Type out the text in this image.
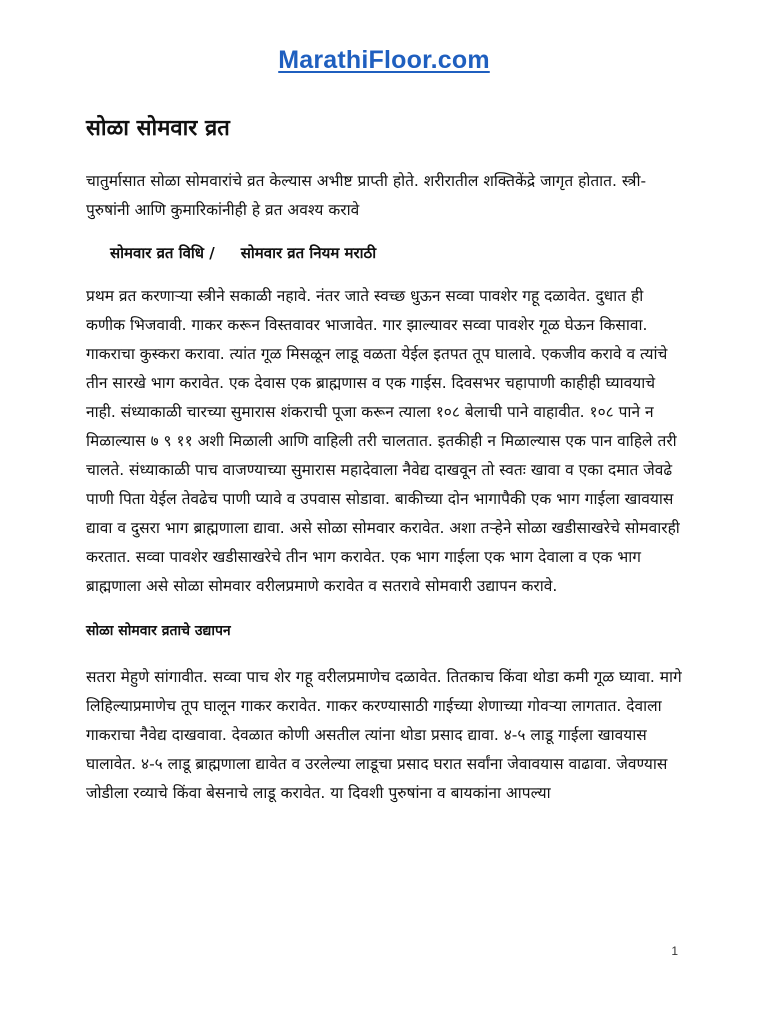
MarathiFloor.com
सोळा सोमवार व्रत

चातुर्मासात सोळा सोमवारांचे व्रत केल्यास अभीष्ट प्राप्ती होते. शरीरातील शक्तिकेंद्रे जागृत होतात. स्त्री-पुरुषांनी आणि कुमारिकांनीही हे व्रत अवश्य करावे

सोमवार व्रत विधि / सोमवार व्रत नियम मराठी

प्रथम व्रत करणाऱ्या स्त्रीने सकाळी नहावे. नंतर जाते स्वच्छ धुऊन सव्वा पावशेर गहू दळावेत. दुधात ही कणीक भिजवावी. गाकर करून विस्तवावर भाजावेत. गार झाल्यावर सव्वा पावशेर गूळ घेऊन किसावा. गाकराचा कुस्करा करावा. त्यांत गूळ मिसळून लाडू वळता येईल इतपत तूप घालावे. एकजीव करावे व त्यांचे तीन सारखे भाग करावेत. एक देवास एक ब्राह्मणास व एक गाईस. दिवसभर चहापाणी काहीही घ्यावयाचे नाही. संध्याकाळी चारच्या सुमारास शंकराची पूजा करून त्याला १०८ बेलाची पाने वाहावीत. १०८ पाने न मिळाल्यास ७ ९ ११ अशी मिळाली आणि वाहिली तरी चालतात. इतकीही न मिळाल्यास एक पान वाहिले तरी चालते. संध्याकाळी पाच वाजण्याच्या सुमारास महादेवाला नैवेद्य दाखवून तो स्वतः खावा व एका दमात जेवढे पाणी पिता येईल तेवढेच पाणी प्यावे व उपवास सोडावा. बाकीच्या दोन भागापैकी एक भाग गाईला खावयास द्यावा व दुसरा भाग ब्राह्मणाला द्यावा. असे सोळा सोमवार करावेत. अशा तऱ्हेने सोळा खडीसाखरेचे सोमवारही करतात. सव्वा पावशेर खडीसाखरेचे तीन भाग करावेत. एक भाग गाईला एक भाग देवाला व एक भाग ब्राह्मणाला असे सोळा सोमवार वरीलप्रमाणे करावेत व सतरावे सोमवारी उद्यापन करावे.

सोळा सोमवार व्रताचे उद्यापन

सतरा मेहुणे सांगावीत. सव्वा पाच शेर गहू वरीलप्रमाणेच दळावेत. तितकाच किंवा थोडा कमी गूळ घ्यावा. मागे लिहिल्याप्रमाणेच तूप घालून गाकर करावेत. गाकर करण्यासाठी गाईच्या शेणाच्या गोवऱ्या लागतात. देवाला गाकराचा नैवेद्य दाखवावा. देवळात कोणी असतील त्यांना थोडा प्रसाद द्यावा. ४-५ लाडू गाईला खावयास घालावेत. ४-५ लाडू ब्राह्मणाला द्यावेत व उरलेल्या लाडूचा प्रसाद घरात सर्वांना जेवावयास वाढावा. जेवण्यास जोडीला रव्याचे किंवा बेसनाचे लाडू करावेत. या दिवशी पुरुषांना व बायकांना आपल्या

1
